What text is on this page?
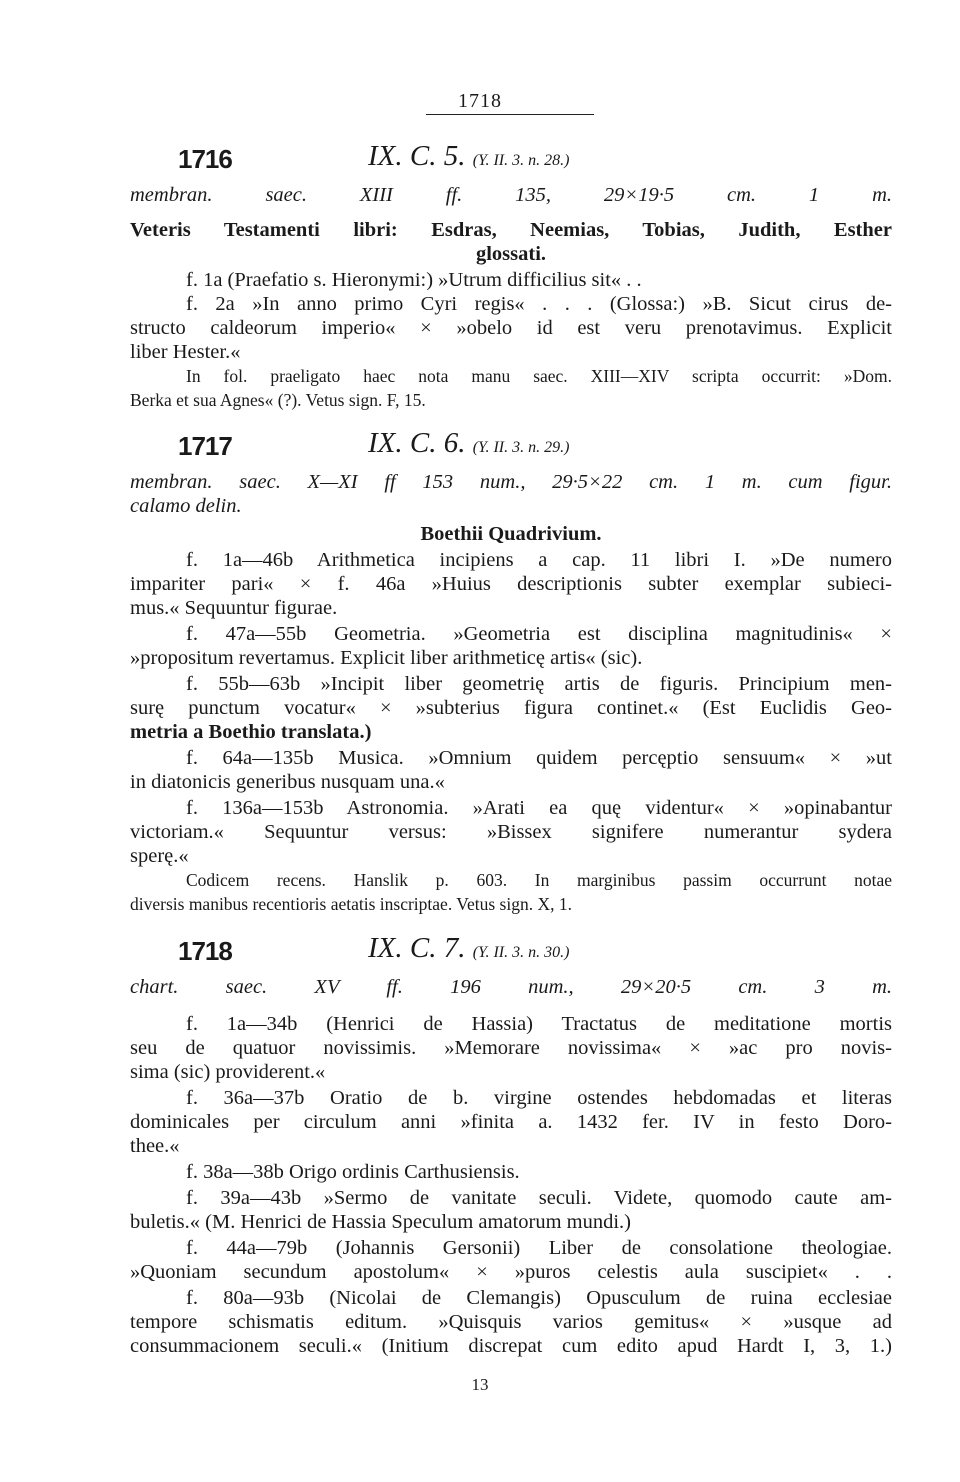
1718
1716	IX. C. 5. (Y. II. 3. n. 28.)
membran. saec. XIII ff. 135, 29×19·5 cm. 1 m.
Veteris Testamenti libri: Esdras, Neemias, Tobias, Judith, Esther
glossati.
f. 1a (Praefatio s. Hieronymi:) »Utrum difficilius sit« . .
f. 2a »In anno primo Cyri regis« . . . (Glossa:) »B. Sicut cirus de-
structo caldeorum imperio« × »obelo id est veru prenotavimus. Explicit
liber Hester.«
In fol. praeligato haec nota manu saec. XIII—XIV scripta occurrit: »Dom.
Berka et sua Agnes« (?). Vetus sign. F, 15.
1717	IX. C. 6. (Y. II. 3. n. 29.)
membran. saec. X—XI ff 153 num., 29·5×22 cm. 1 m. cum figur.
calamo delin.
Boethii Quadrivium.
f. 1a—46b Arithmetica incipiens a cap. 11 libri I. »De numero
impariter pari« × f. 46a »Huius descriptionis subter exemplar subieci-
mus.« Sequuntur figurae.
f. 47a—55b Geometria. »Geometria est disciplina magnitudinis« ×
»propositum revertamus. Explicit liber arithmeticę artis« (sic).
f. 55b—63b »Incipit liber geometrię artis de figuris. Principium men-
surę punctum vocatur« × »subterius figura continet.« (Est Euclidis Geo-
metria a Boethio translata.)
f. 64a—135b Musica. »Omnium quidem percęptio sensuum« × »ut
in diatonicis generibus nusquam una.«
f. 136a—153b Astronomia. »Arati ea quę videntur« × »opinabantur
victoriam.« Sequuntur versus: »Bissex signifere numerantur sydera
sperę.«
Codicem recens. Hanslik p. 603. In marginibus passim occurrunt notae
diversis manibus recentioris aetatis inscriptae. Vetus sign. X, 1.
1718	IX. C. 7. (Y. II. 3. n. 30.)
chart. saec. XV ff. 196 num., 29×20·5 cm. 3 m.
f. 1a—34b (Henrici de Hassia) Tractatus de meditatione mortis
seu de quatuor novissimis. »Memorare novissima« × »ac pro novis-
sima (sic) providerent.«
f. 36a—37b Oratio de b. virgine ostendes hebdomadas et literas
dominicales per circulum anni »finita a. 1432 fer. IV in festo Doro-
thee.«
f. 38a—38b Origo ordinis Carthusiensis.
f. 39a—43b »Sermo de vanitate seculi. Videte, quomodo caute am-
buletis.« (M. Henrici de Hassia Speculum amatorum mundi.)
f. 44a—79b (Johannis Gersonii) Liber de consolatione theologiae.
»Quoniam secundum apostolum« × »puros celestis aula suscipiet« . .
f. 80a—93b (Nicolai de Clemangis) Opusculum de ruina ecclesiae
tempore schismatis editum. »Quisquis varios gemitus« × »usque ad
consummacionem seculi.« (Initium discrepat cum edito apud Hardt I, 3, 1.)
13
